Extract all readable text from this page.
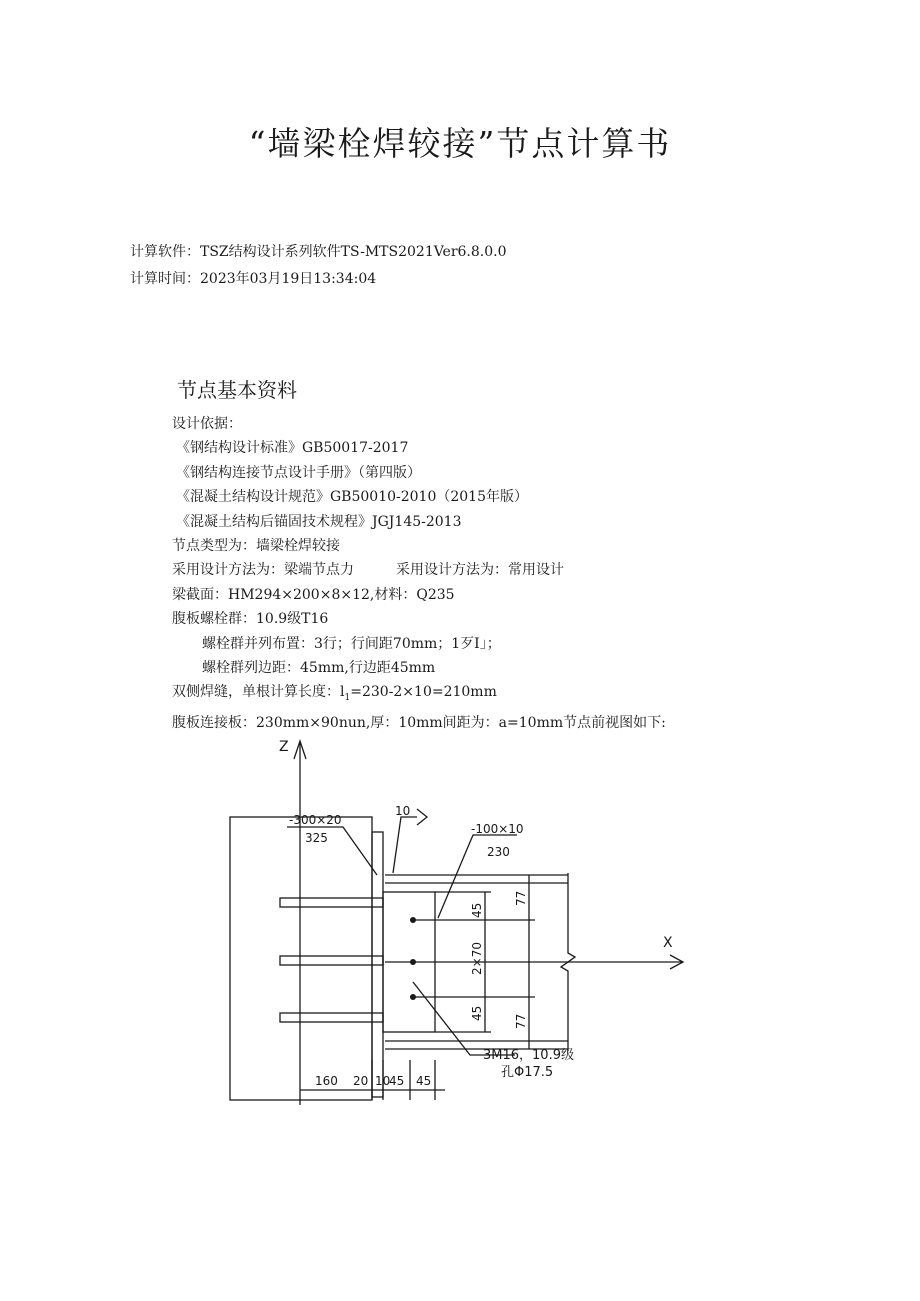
“墙梁栓焊较接”节点计算书
计算软件：TSZ结构设计系列软件TS-MTS2021Ver6.8.0.0
计算时间：2023年03月19日13:34:04
节点基本资料
设计依据：
《钢结构设计标准》GB50017-2017
《钢结构连接节点设计手册》（第四版）
《混凝土结构设计规范》GB50010-2010（2015年版）
《混凝土结构后锚固技术规程》JGJ145-2013
节点类型为：墙梁栓焊较接
采用设计方法为：梁端节点力	采用设计方法为：常用设计
梁截面：HM294×200×8×12,材料：Q235
腹板螺栓群：10.9级T16
螺栓群并列布置：3行；行间距70mm；1歹I」；
螺栓群列边距：45mm,行边距45mm
双侧焊缝，单根计算长度：$l_1=230-2\times 10=210mm$
腹板连接板：230mm×90nun,厚：10mm间距为：a=10mm节点前视图如下:
Z
X
-300×20
325
10
-100×10
230
77
45
2×70
45
77
3M16，10.9级
孔Φ17.5
160 20 10
45 45
